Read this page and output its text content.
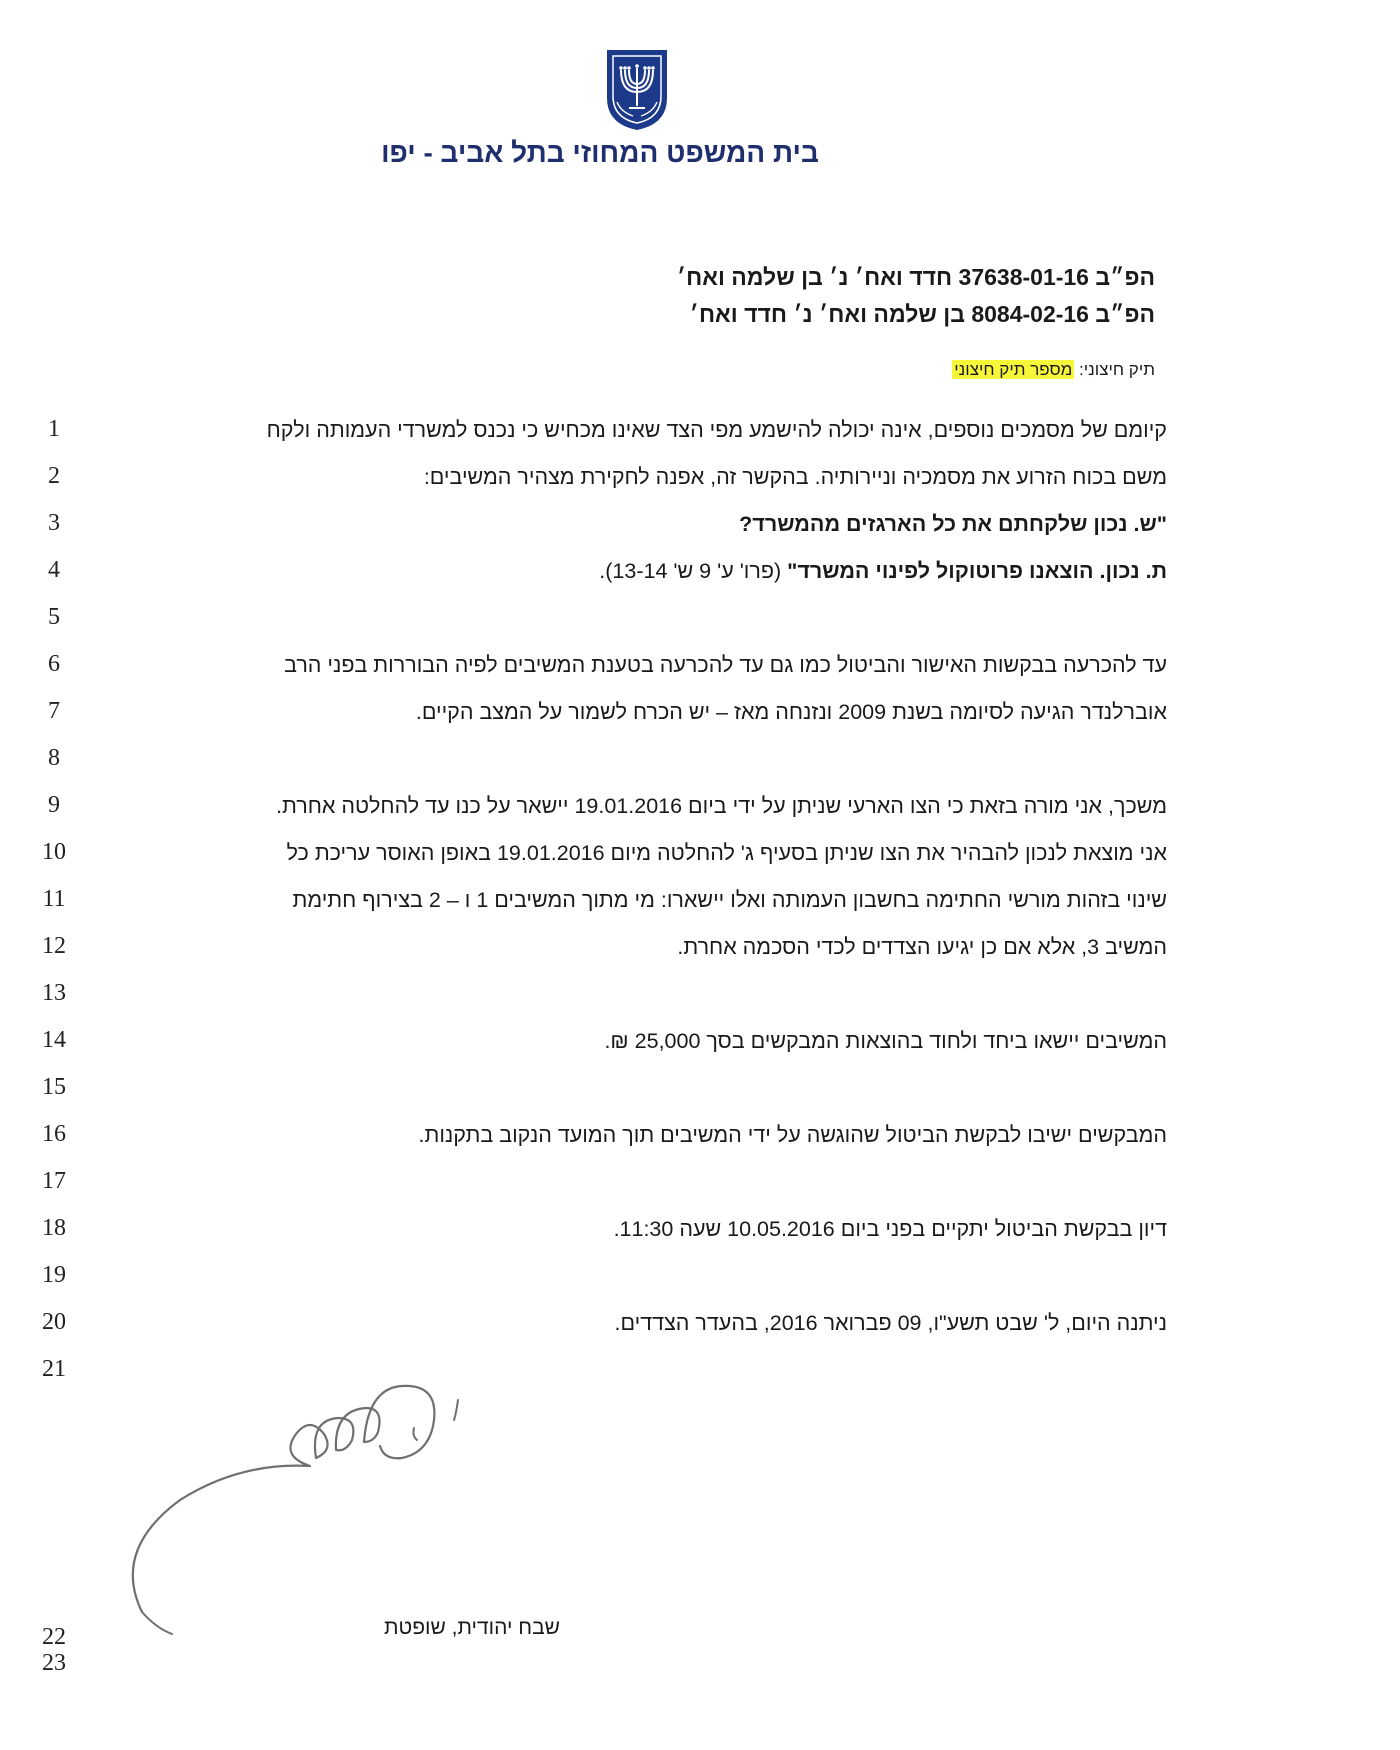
בית המשפט המחוזי בתל אביב - יפו
הפ״ב 37638-01-16 חדד ואח׳ נ׳ בן שלמה ואח׳
הפ״ב 8084-02-16 בן שלמה ואח׳ נ׳ חדד ואח׳
תיק חיצוני: מספר תיק חיצוני
1
2
3
4
5
6
7
8
9
10
11
12
13
14
15
16
17
18
19
20
21
22
23
קיומם של מסמכים נוספים, אינה יכולה להישמע מפי הצד שאינו מכחיש כי נכנס למשרדי העמותה ולקח
משם בכוח הזרוע את מסמכיה וניירותיה. בהקשר זה, אפנה לחקירת מצהיר המשיבים:
"ש. נכון שלקחתם את כל הארגזים מהמשרד?
ת. נכון. הוצאנו פרוטוקול לפינוי המשרד" (פרו' ע' 9 ש' 13-14).
עד להכרעה בבקשות האישור והביטול כמו גם עד להכרעה בטענת המשיבים לפיה הבוררות בפני הרב
אוברלנדר הגיעה לסיומה בשנת 2009 ונזנחה מאז – יש הכרח לשמור על המצב הקיים.
משכך, אני מורה בזאת כי הצו הארעי שניתן על ידי ביום 19.01.2016 יישאר על כנו עד להחלטה אחרת.
אני מוצאת לנכון להבהיר את הצו שניתן בסעיף ג' להחלטה מיום 19.01.2016 באופן האוסר עריכת כל
שינוי בזהות מורשי החתימה בחשבון העמותה ואלו יישארו: מי מתוך המשיבים 1 ו – 2 בצירוף חתימת
המשיב 3, אלא אם כן יגיעו הצדדים לכדי הסכמה אחרת.
המשיבים יישאו ביחד ולחוד בהוצאות המבקשים בסך 25,000 ₪.
המבקשים ישיבו לבקשת הביטול שהוגשה על ידי המשיבים תוך המועד הנקוב בתקנות.
דיון בבקשת הביטול יתקיים בפני ביום 10.05.2016 שעה 11:30.
ניתנה היום, ל' שבט תשע"ו, 09 פברואר 2016, בהעדר הצדדים.
שבח יהודית, שופטת
